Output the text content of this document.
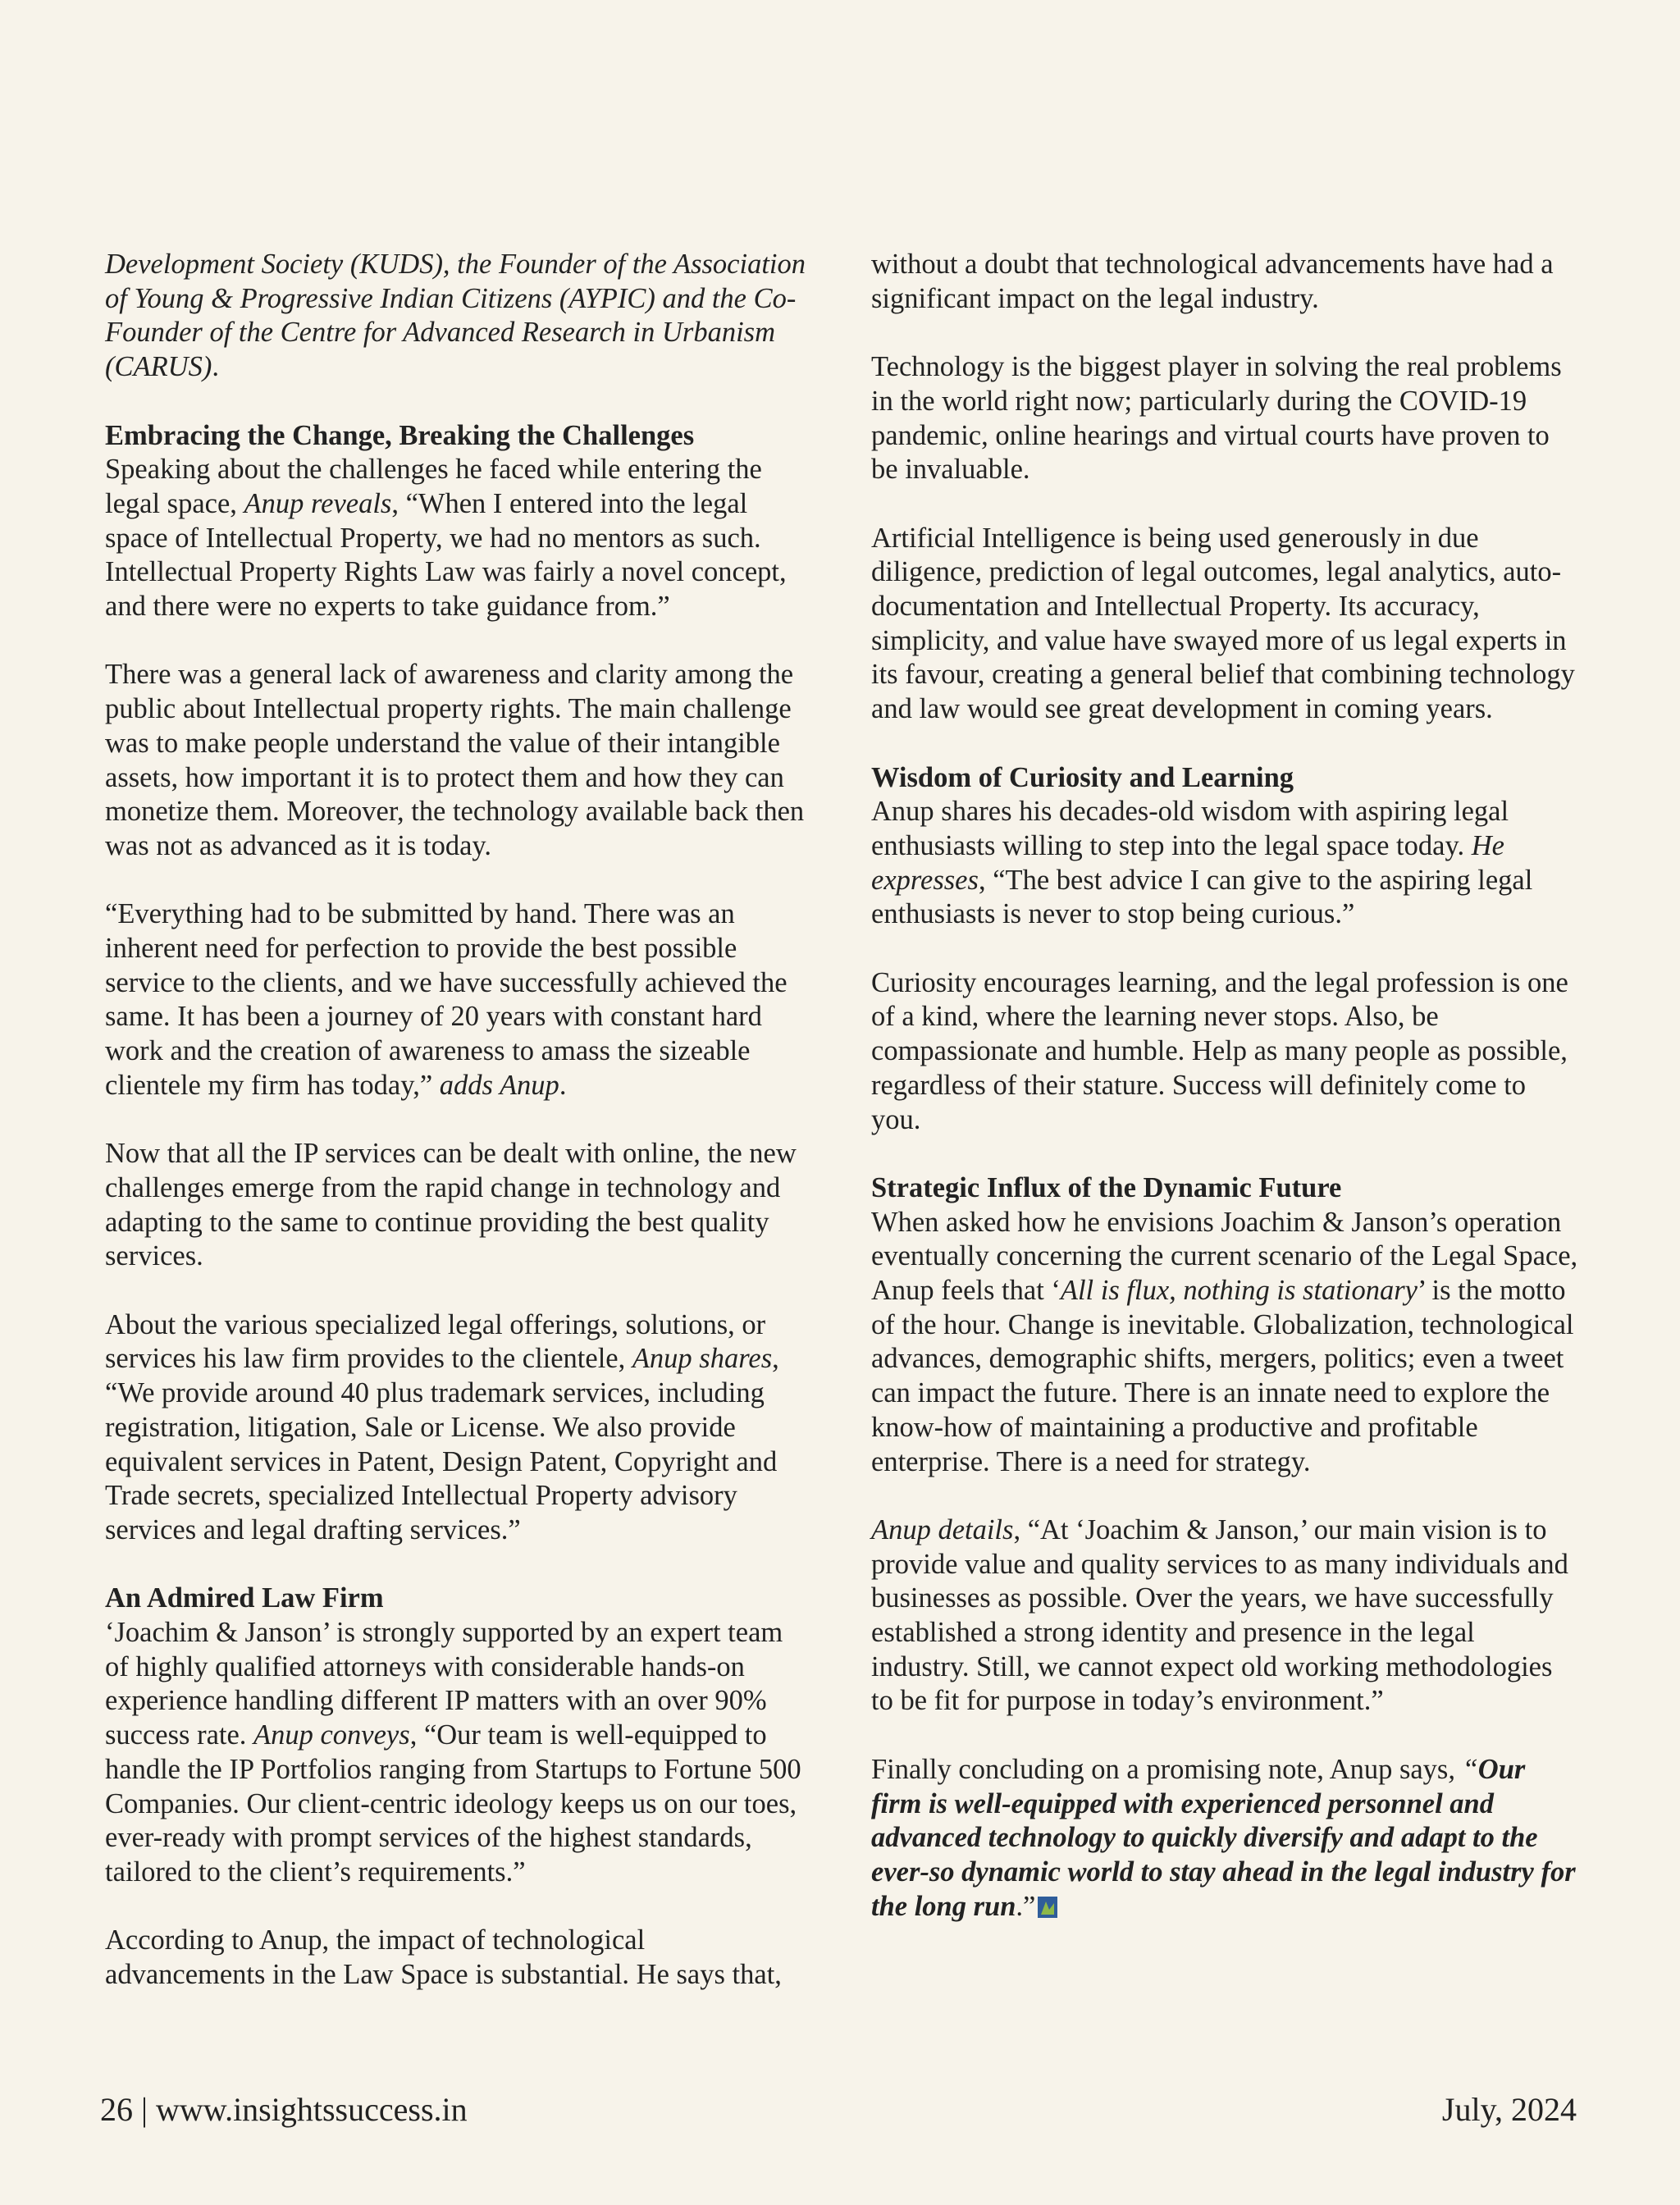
Development Society (KUDS), the Founder of the Association of Young & Progressive Indian Citizens (AYPIC) and the Co-Founder of the Centre for Advanced Research in Urbanism (CARUS).

Embracing the Change, Breaking the Challenges

Speaking about the challenges he faced while entering the legal space, Anup reveals, “When I entered into the legal space of Intellectual Property, we had no mentors as such. Intellectual Property Rights Law was fairly a novel concept, and there were no experts to take guidance from.”

There was a general lack of awareness and clarity among the public about Intellectual property rights. The main challenge was to make people understand the value of their intangible assets, how important it is to protect them and how they can monetize them. Moreover, the technology available back then was not as advanced as it is today.

“Everything had to be submitted by hand. There was an inherent need for perfection to provide the best possible service to the clients, and we have successfully achieved the same. It has been a journey of 20 years with constant hard work and the creation of awareness to amass the sizeable clientele my firm has today,” adds Anup.

Now that all the IP services can be dealt with online, the new challenges emerge from the rapid change in technology and adapting to the same to continue providing the best quality services.

About the various specialized legal offerings, solutions, or services his law firm provides to the clientele, Anup shares, “We provide around 40 plus trademark services, including registration, litigation, Sale or License. We also provide equivalent services in Patent, Design Patent, Copyright and Trade secrets, specialized Intellectual Property advisory services and legal drafting services.”

An Admired Law Firm

‘Joachim & Janson’ is strongly supported by an expert team of highly qualified attorneys with considerable hands-on experience handling different IP matters with an over 90% success rate. Anup conveys, “Our team is well-equipped to handle the IP Portfolios ranging from Startups to Fortune 500 Companies. Our client-centric ideology keeps us on our toes, ever-ready with prompt services of the highest standards, tailored to the client’s requirements.”

According to Anup, the impact of technological advancements in the Law Space is substantial. He says that,

without a doubt that technological advancements have had a significant impact on the legal industry.

Technology is the biggest player in solving the real problems in the world right now; particularly during the COVID-19 pandemic, online hearings and virtual courts have proven to be invaluable.

Artificial Intelligence is being used generously in due diligence, prediction of legal outcomes, legal analytics, auto-documentation and Intellectual Property. Its accuracy, simplicity, and value have swayed more of us legal experts in its favour, creating a general belief that combining technology and law would see great development in coming years.

Wisdom of Curiosity and Learning

Anup shares his decades-old wisdom with aspiring legal enthusiasts willing to step into the legal space today. He expresses, “The best advice I can give to the aspiring legal enthusiasts is never to stop being curious.”

Curiosity encourages learning, and the legal profession is one of a kind, where the learning never stops. Also, be compassionate and humble. Help as many people as possible, regardless of their stature. Success will definitely come to you.

Strategic Influx of the Dynamic Future

When asked how he envisions Joachim & Janson’s operation eventually concerning the current scenario of the Legal Space, Anup feels that ‘All is flux, nothing is stationary’ is the motto of the hour. Change is inevitable. Globalization, technological advances, demographic shifts, mergers, politics; even a tweet can impact the future. There is an innate need to explore the know-how of maintaining a productive and profitable enterprise. There is a need for strategy.

Anup details, “At ‘Joachim & Janson,’ our main vision is to provide value and quality services to as many individuals and businesses as possible. Over the years, we have successfully established a strong identity and presence in the legal industry. Still, we cannot expect old working methodologies to be fit for purpose in today’s environment.”

Finally concluding on a promising note, Anup says, “Our firm is well-equipped with experienced personnel and advanced technology to quickly diversify and adapt to the ever-so dynamic world to stay ahead in the legal industry for the long run.”

26 | www.insightssuccess.in	July, 2024
